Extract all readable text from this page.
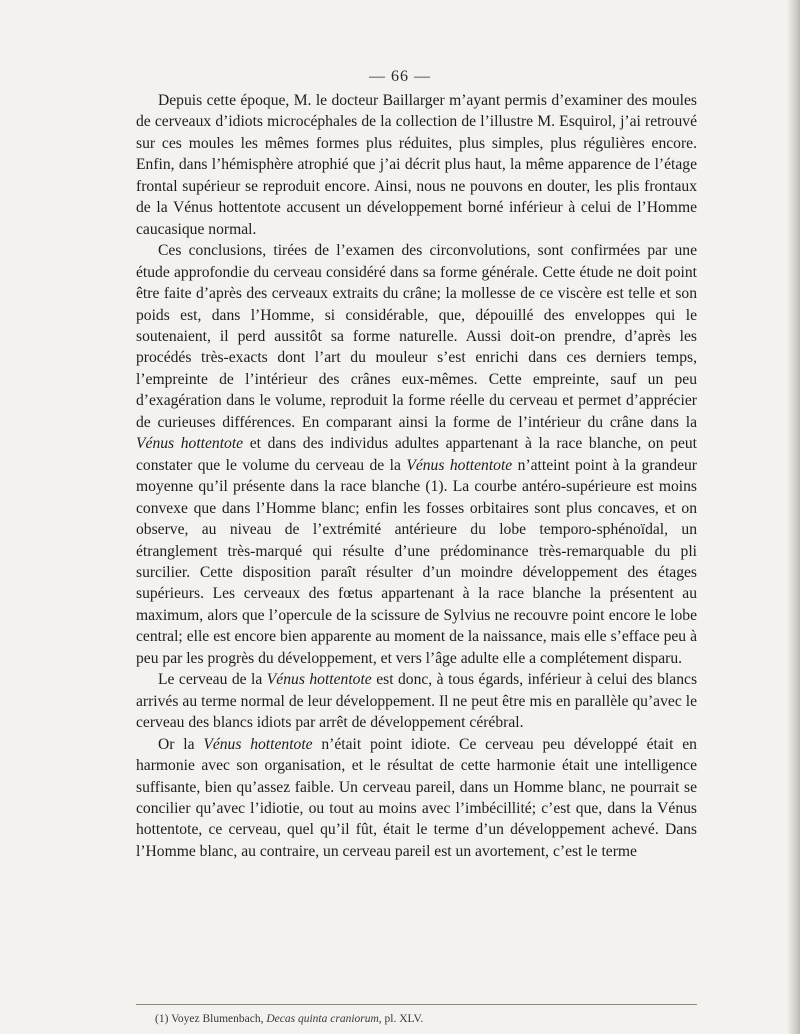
— 66 —

Depuis cette époque, M. le docteur Baillarger m’ayant permis d’examiner des moules de cerveaux d’idiots microcéphales de la collection de l’illustre M. Esquirol, j’ai retrouvé sur ces moules les mêmes formes plus réduites, plus simples, plus régulières encore. Enfin, dans l’hémisphère atrophié que j’ai décrit plus haut, la même apparence de l’étage frontal supérieur se reproduit encore. Ainsi, nous ne pouvons en douter, les plis frontaux de la Vénus hottentote accusent un développement borné inférieur à celui de l’Homme caucasique normal.

Ces conclusions, tirées de l’examen des circonvolutions, sont confirmées par une étude approfondie du cerveau considéré dans sa forme générale. Cette étude ne doit point être faite d’après des cerveaux extraits du crâne; la mollesse de ce viscère est telle et son poids est, dans l’Homme, si considérable, que, dépouillé des enveloppes qui le soutenaient, il perd aussitôt sa forme naturelle. Aussi doit-on prendre, d’après les procédés très-exacts dont l’art du mouleur s’est enrichi dans ces derniers temps, l’empreinte de l’intérieur des crânes eux-mêmes. Cette empreinte, sauf un peu d’exagération dans le volume, reproduit la forme réelle du cerveau et permet d’apprécier de curieuses différences. En comparant ainsi la forme de l’intérieur du crâne dans la Vénus hottentote et dans des individus adultes appartenant à la race blanche, on peut constater que le volume du cerveau de la Vénus hottentote n’atteint point à la grandeur moyenne qu’il présente dans la race blanche (1). La courbe antéro-supérieure est moins convexe que dans l’Homme blanc; enfin les fosses orbitaires sont plus concaves, et on observe, au niveau de l’extrémité antérieure du lobe temporo-sphénoïdal, un étranglement très-marqué qui résulte d’une prédominance très-remarquable du pli surcilier. Cette disposition paraît résulter d’un moindre développement des étages supérieurs. Les cerveaux des fœtus appartenant à la race blanche la présentent au maximum, alors que l’opercule de la scissure de Sylvius ne recouvre point encore le lobe central; elle est encore bien apparente au moment de la naissance, mais elle s’efface peu à peu par les progrès du développement, et vers l’âge adulte elle a complétement disparu.

Le cerveau de la Vénus hottentote est donc, à tous égards, inférieur à celui des blancs arrivés au terme normal de leur développement. Il ne peut être mis en parallèle qu’avec le cerveau des blancs idiots par arrêt de développement cérébral.

Or la Vénus hottentote n’était point idiote. Ce cerveau peu développé était en harmonie avec son organisation, et le résultat de cette harmonie était une intelligence suffisante, bien qu’assez faible. Un cerveau pareil, dans un Homme blanc, ne pourrait se concilier qu’avec l’idiotie, ou tout au moins avec l’imbécillité; c’est que, dans la Vénus hottentote, ce cerveau, quel qu’il fût, était le terme d’un développement achevé. Dans l’Homme blanc, au contraire, un cerveau pareil est un avortement, c’est le terme

(1) Voyez Blumenbach, Decas quinta craniorum, pl. XLV.
